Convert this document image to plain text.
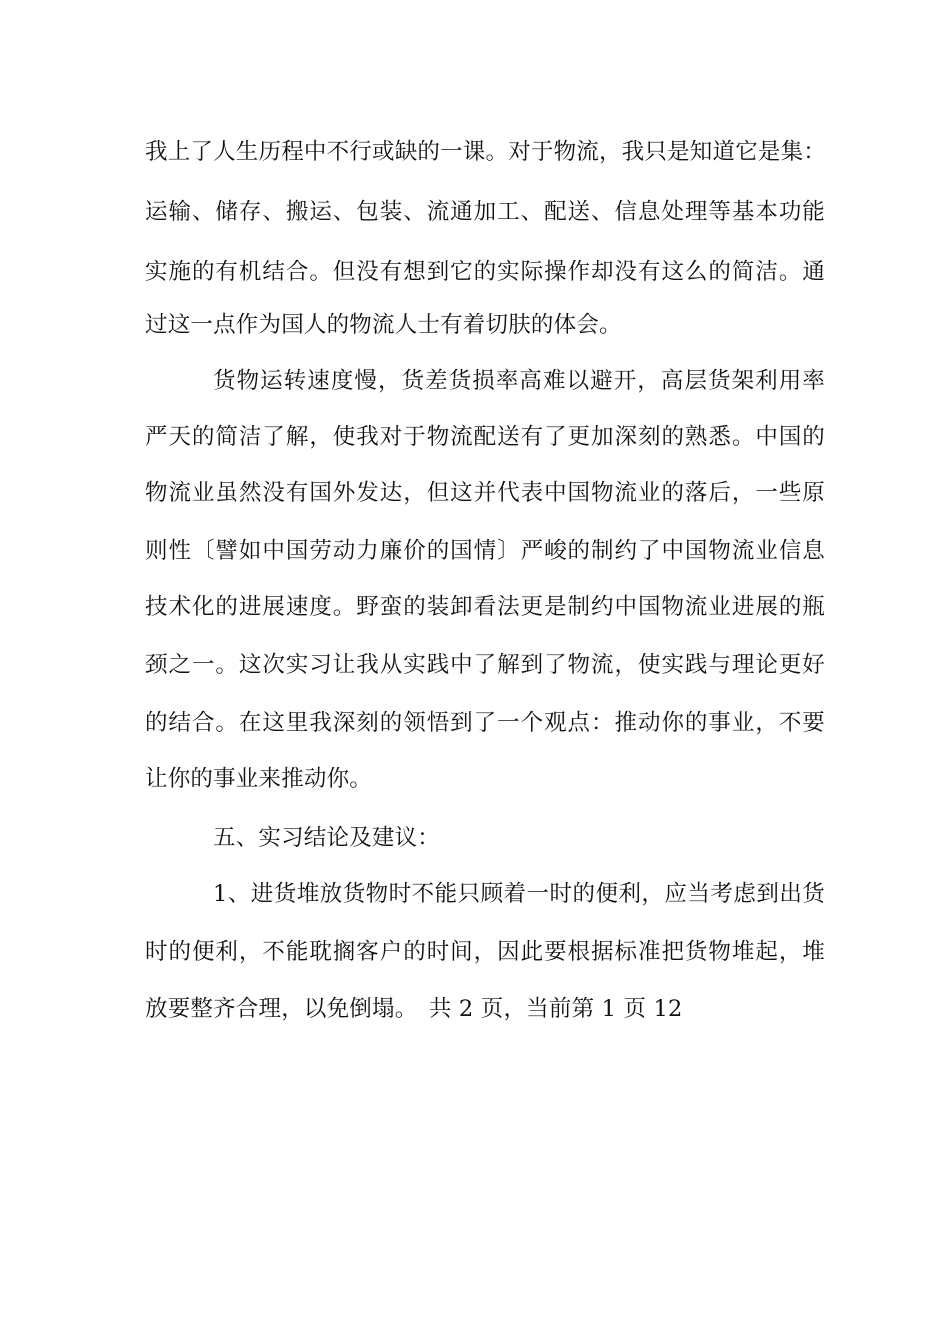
我上了人生历程中不行或缺的一课。对于物流，我只是知道它是集：
运输、储存、搬运、包装、流通加工、配送、信息处理等基本功能
实施的有机结合。但没有想到它的实际操作却没有这么的简洁。通
过这一点作为国人的物流人士有着切肤的体会。
货物运转速度慢，货差货损率高难以避开，高层货架利用率
严天的简洁了解，使我对于物流配送有了更加深刻的熟悉。中国的
物流业虽然没有国外发达，但这并代表中国物流业的落后，一些原
则性〔譬如中国劳动力廉价的国情〕严峻的制约了中国物流业信息
技术化的进展速度。野蛮的装卸看法更是制约中国物流业进展的瓶
颈之一。这次实习让我从实践中了解到了物流，使实践与理论更好
的结合。在这里我深刻的领悟到了一个观点：推动你的事业，不要
让你的事业来推动你。
五、实习结论及建议：
1、进货堆放货物时不能只顾着一时的便利，应当考虑到出货
时的便利，不能耽搁客户的时间，因此要根据标准把货物堆起，堆
放要整齐合理，以免倒塌。　共 2 页，当前第 1 页 12
